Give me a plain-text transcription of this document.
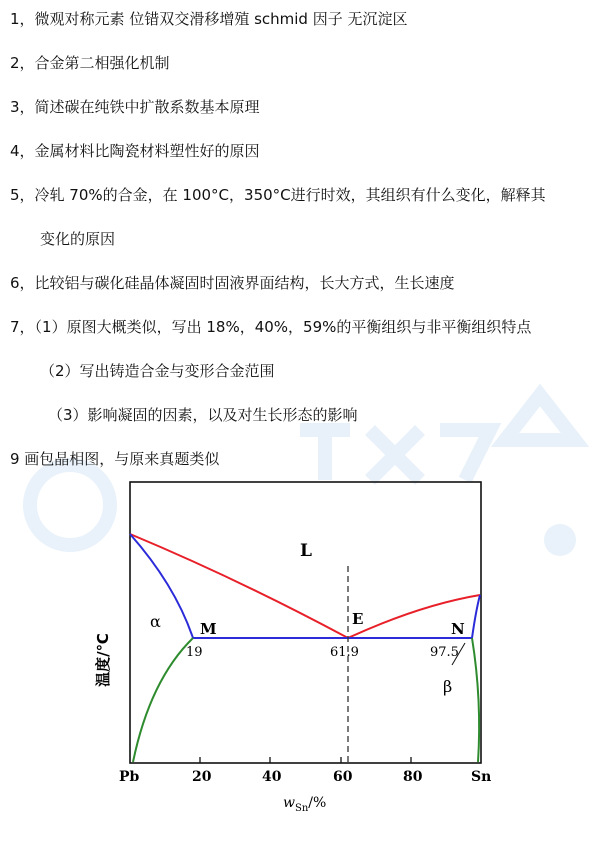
1，微观对称元素 位错双交滑移增殖 schmid 因子 无沉淀区
2，合金第二相强化机制
3，简述碳在纯铁中扩散系数基本原理
4，金属材料比陶瓷材料塑性好的原因
5，冷轧 70%的合金，在 100°C，350°C进行时效，其组织有什么变化，解释其
变化的原因
6，比较铝与碳化硅晶体凝固时固液界面结构，长大方式，生长速度
7，（1）原图大概类似，写出 18%，40%，59%的平衡组织与非平衡组织特点
（2）写出铸造合金与变形合金范围
（3）影响凝固的因素，以及对生长形态的影响
9 画包晶相图，与原来真题类似
L
α
β
M
E
N
19	61.9	97.5
Pb	20	40	60	80	Sn
$w_{Sn}/\%$
温度/℃
